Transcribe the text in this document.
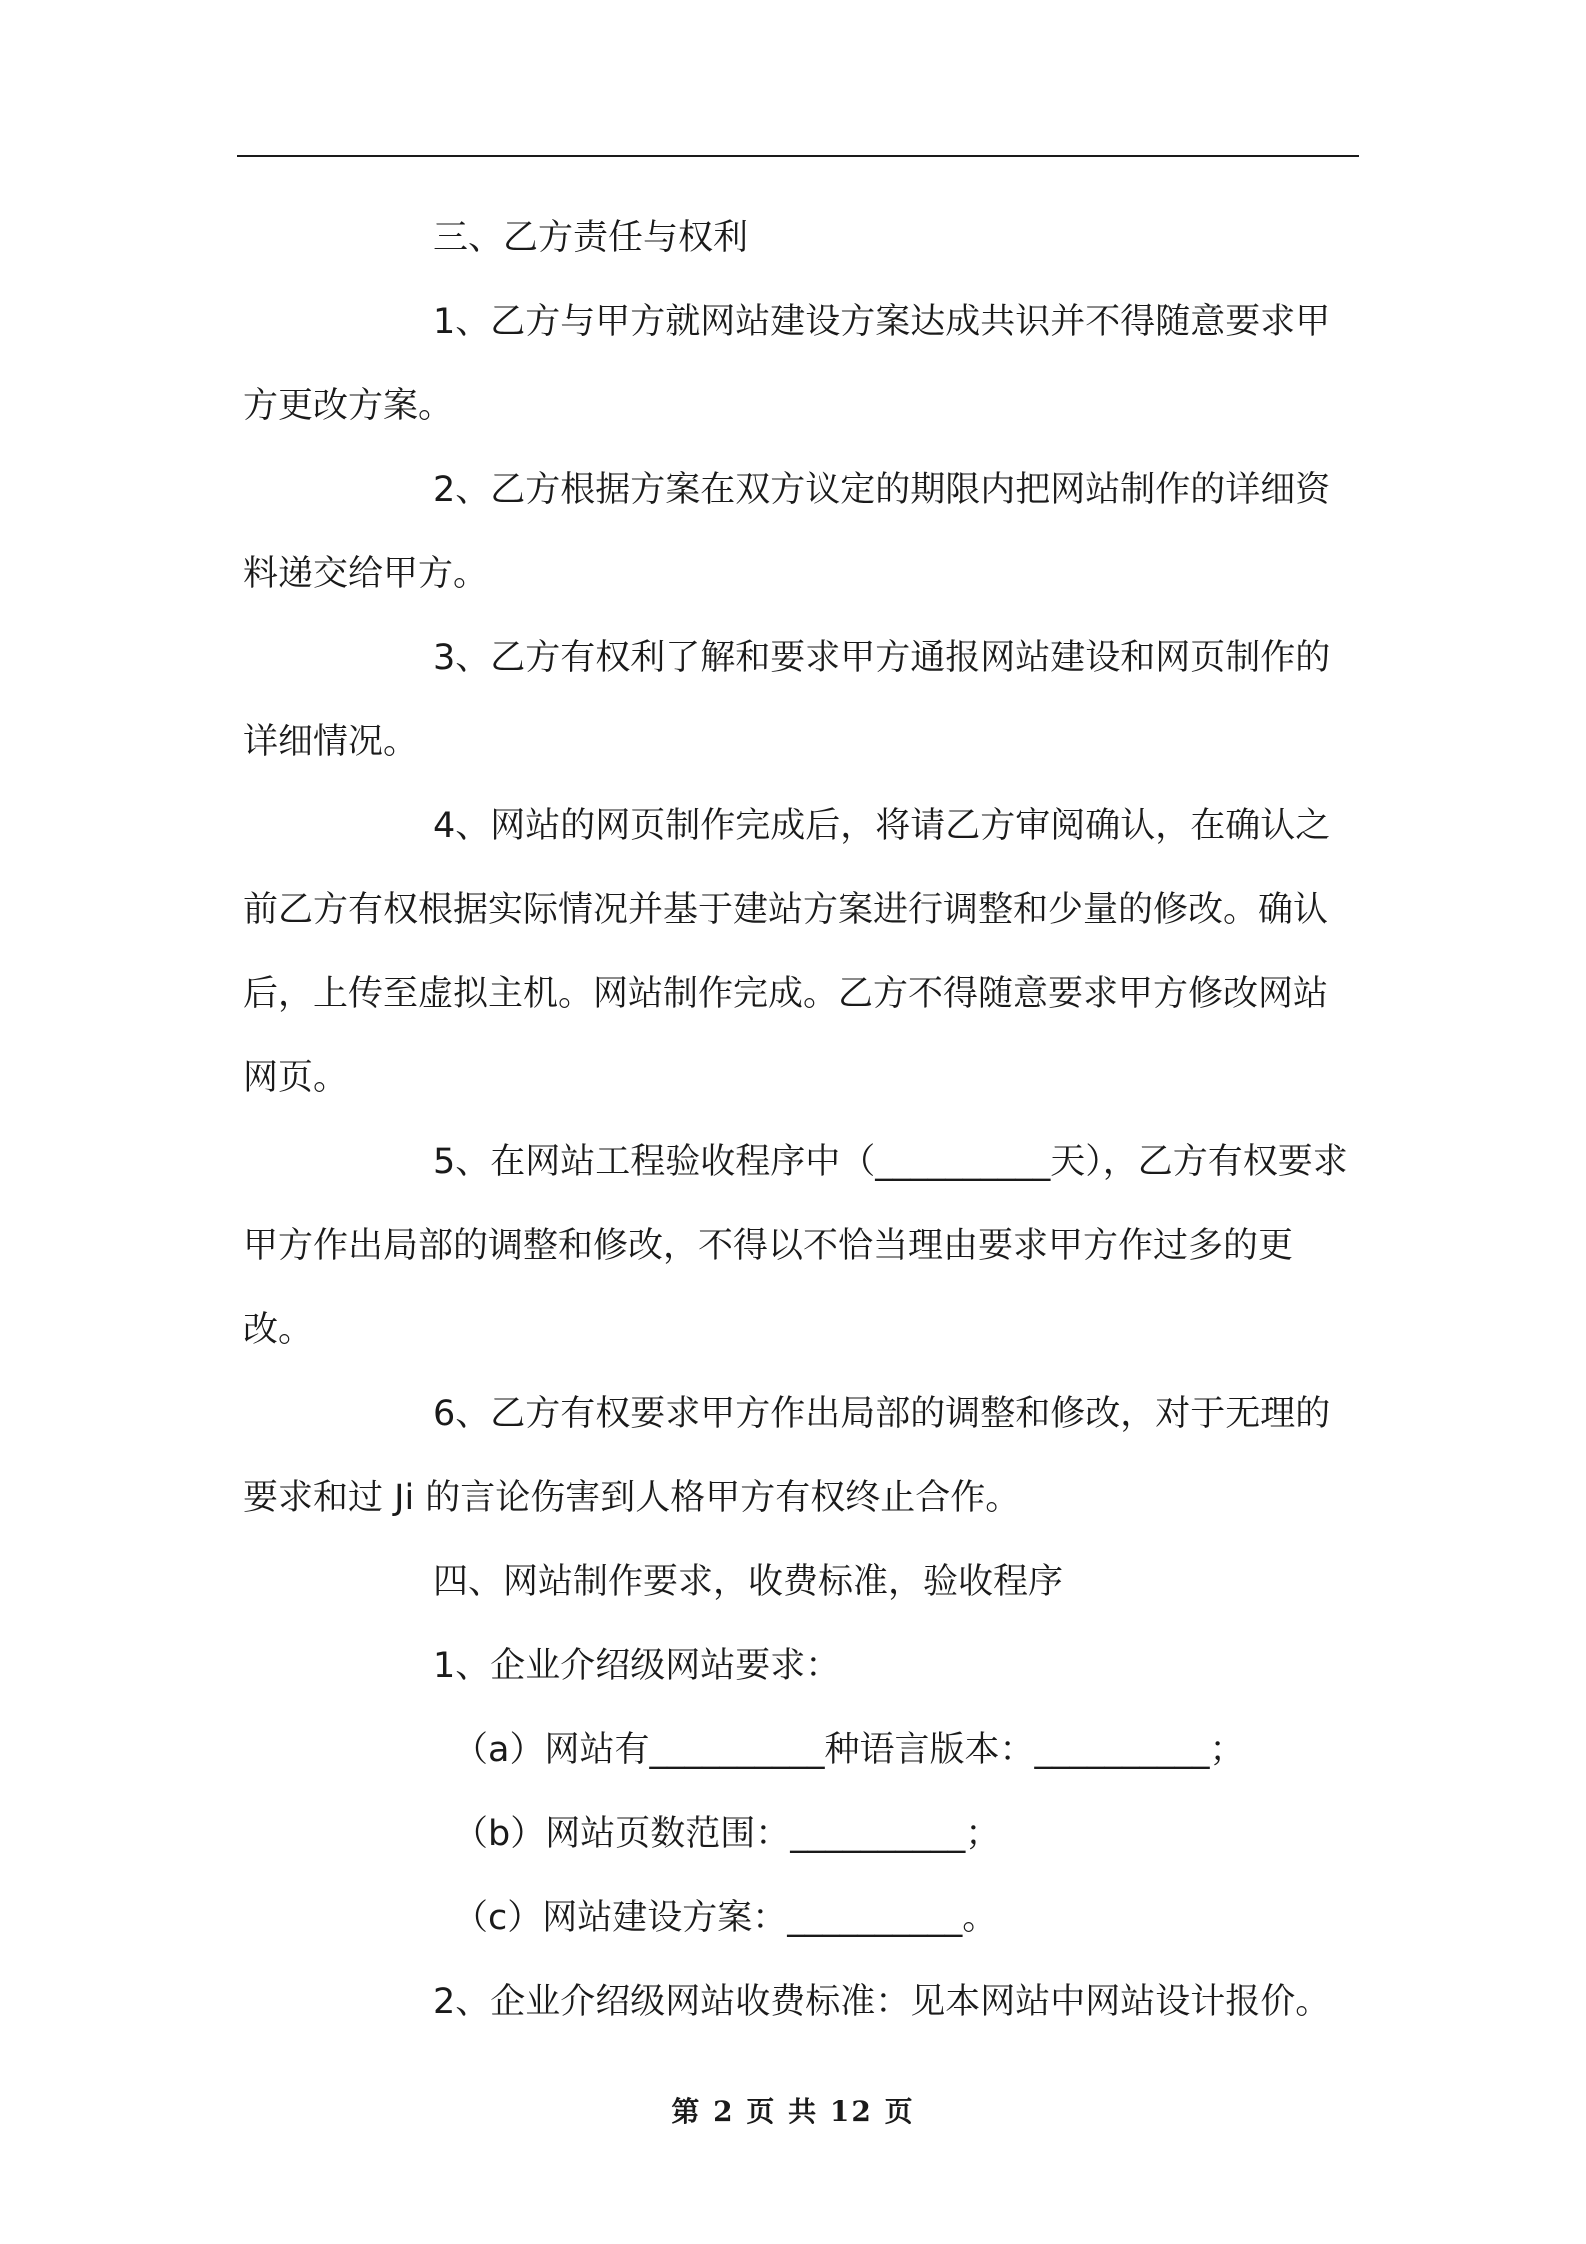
三、乙方责任与权利

1、乙方与甲方就网站建设方案达成共识并不得随意要求甲方更改方案。

2、乙方根据方案在双方议定的期限内把网站制作的详细资料递交给甲方。

3、乙方有权利了解和要求甲方通报网站建设和网页制作的详细情况。

4、网站的网页制作完成后，将请乙方审阅确认，在确认之前乙方有权根据实际情况并基于建站方案进行调整和少量的修改。确认后，上传至虚拟主机。网站制作完成。乙方不得随意要求甲方修改网站网页。

5、在网站工程验收程序中（__________天），乙方有权要求甲方作出局部的调整和修改，不得以不恰当理由要求甲方作过多的更改。

6、乙方有权要求甲方作出局部的调整和修改，对于无理的要求和过 Ji 的言论伤害到人格甲方有权终止合作。

四、网站制作要求，收费标准，验收程序

1、企业介绍级网站要求：

（a）网站有__________种语言版本：__________；

（b）网站页数范围：__________；

（c）网站建设方案：__________。

2、企业介绍级网站收费标准：见本网站中网站设计报价。

第 2 页 共 12 页
